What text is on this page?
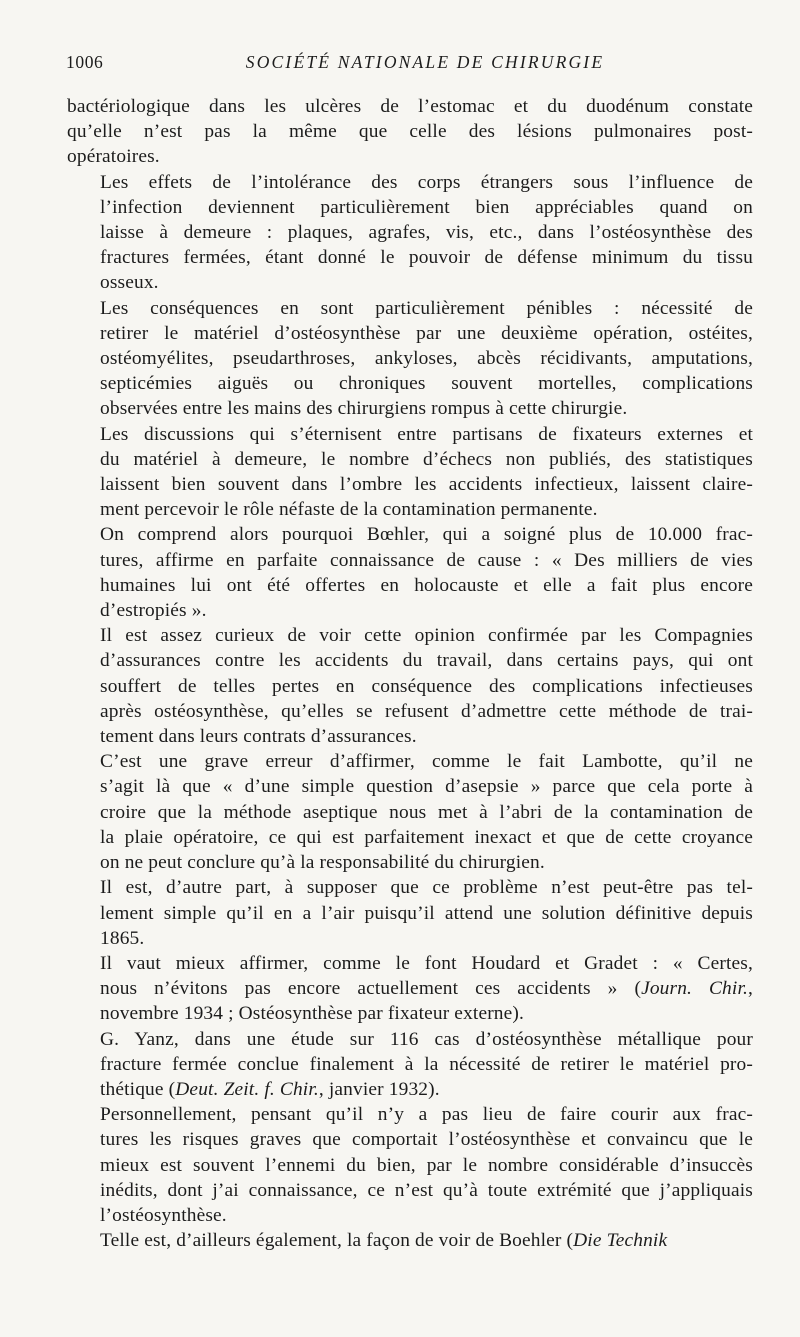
1006	SOCIÉTÉ NATIONALE DE CHIRURGIE

bactériologique dans les ulcères de l’estomac et du duodénum constate
qu’elle n’est pas la même que celle des lésions pulmonaires post-
opératoires.

Les effets de l’intolérance des corps étrangers sous l’influence de
l’infection deviennent particulièrement bien appréciables quand on
laisse à demeure : plaques, agrafes, vis, etc., dans l’ostéosynthèse des
fractures fermées, étant donné le pouvoir de défense minimum du tissu
osseux.

Les conséquences en sont particulièrement pénibles : nécessité de
retirer le matériel d’ostéosynthèse par une deuxième opération, ostéites,
ostéomyélites, pseudarthroses, ankyloses, abcès récidivants, amputations,
septicémies aiguës ou chroniques souvent mortelles, complications
observées entre les mains des chirurgiens rompus à cette chirurgie.

Les discussions qui s’éternisent entre partisans de fixateurs externes et
du matériel à demeure, le nombre d’échecs non publiés, des statistiques
laissent bien souvent dans l’ombre les accidents infectieux, laissent claire-
ment percevoir le rôle néfaste de la contamination permanente.

On comprend alors pourquoi Bœhler, qui a soigné plus de 10.000 frac-
tures, affirme en parfaite connaissance de cause : « Des milliers de vies
humaines lui ont été offertes en holocauste et elle a fait plus encore
d’estropiés ».

Il est assez curieux de voir cette opinion confirmée par les Compagnies
d’assurances contre les accidents du travail, dans certains pays, qui ont
souffert de telles pertes en conséquence des complications infectieuses
après ostéosynthèse, qu’elles se refusent d’admettre cette méthode de trai-
tement dans leurs contrats d’assurances.

C’est une grave erreur d’affirmer, comme le fait Lambotte, qu’il ne
s’agit là que « d’une simple question d’asepsie » parce que cela porte à
croire que la méthode aseptique nous met à l’abri de la contamination de
la plaie opératoire, ce qui est parfaitement inexact et que de cette croyance
on ne peut conclure qu’à la responsabilité du chirurgien.

Il est, d’autre part, à supposer que ce problème n’est peut-être pas tel-
lement simple qu’il en a l’air puisqu’il attend une solution définitive depuis
1865.

Il vaut mieux affirmer, comme le font Houdard et Gradet : « Certes,
nous n’évitons pas encore actuellement ces accidents » (Journ. Chir.,
novembre 1934 ; Ostéosynthèse par fixateur externe).

G. Yanz, dans une étude sur 116 cas d’ostéosynthèse métallique pour
fracture fermée conclue finalement à la nécessité de retirer le matériel pro-
thétique (Deut. Zeit. f. Chir., janvier 1932).

Personnellement, pensant qu’il n’y a pas lieu de faire courir aux frac-
tures les risques graves que comportait l’ostéosynthèse et convaincu que le
mieux est souvent l’ennemi du bien, par le nombre considérable d’insuccès
inédits, dont j’ai connaissance, ce n’est qu’à toute extrémité que j’appliquais
l’ostéosynthèse.

Telle est, d’ailleurs également, la façon de voir de Boehler (Die Technik
